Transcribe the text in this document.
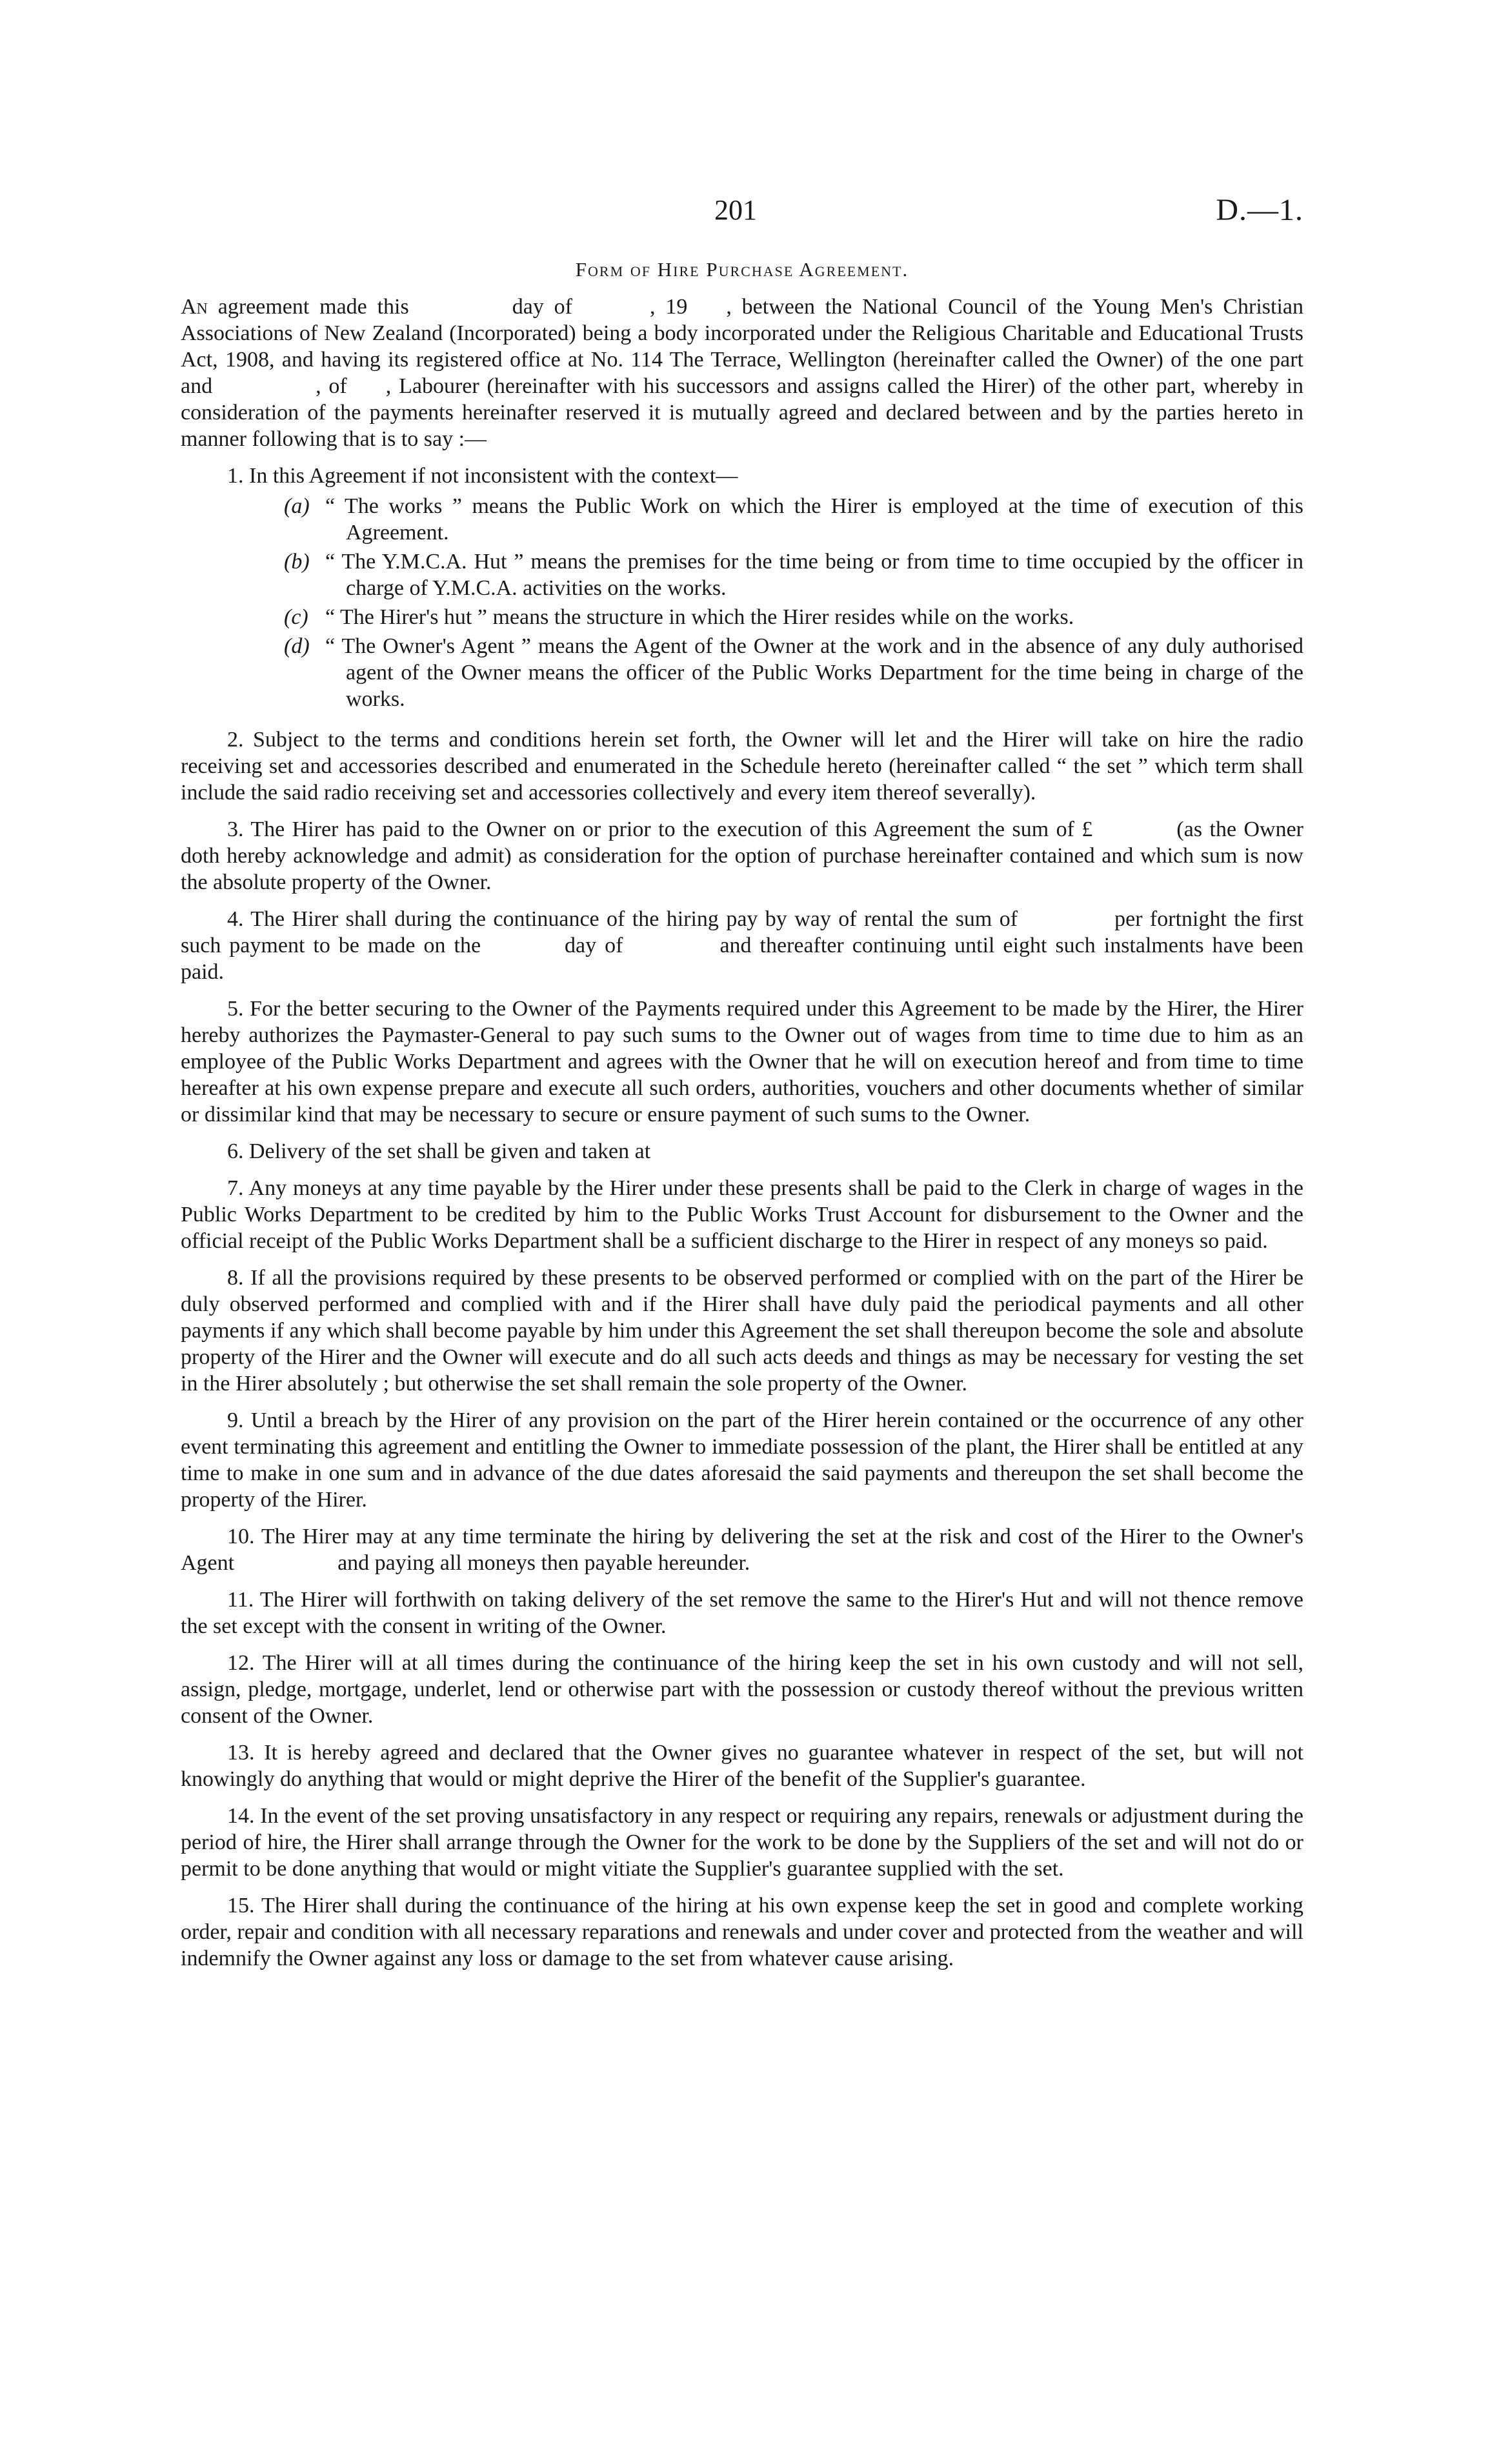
201	D.—1.
Form of Hire Purchase Agreement.

An agreement made this	day of	, 19 , between the National Council of the Young Men's Christian Associations of New Zealand (Incorporated) being a body incorporated under the Religious Charitable and Educational Trusts Act, 1908, and having its registered office at No. 114 The Terrace, Wellington (hereinafter called the Owner) of the one part and	, of , Labourer (hereinafter with his successors and assigns called the Hirer) of the other part, whereby in consideration of the payments hereinafter reserved it is mutually agreed and declared between and by the parties hereto in manner following that is to say :—

1. In this Agreement if not inconsistent with the context—

(a) “ The works ” means the Public Work on which the Hirer is employed at the time of execution of this Agreement.

(b) “ The Y.M.C.A. Hut ” means the premises for the time being or from time to time occupied by the officer in charge of Y.M.C.A. activities on the works.

(c) “ The Hirer's hut ” means the structure in which the Hirer resides while on the works.

(d) “ The Owner's Agent ” means the Agent of the Owner at the work and in the absence of any duly authorised agent of the Owner means the officer of the Public Works Department for the time being in charge of the works.

2. Subject to the terms and conditions herein set forth, the Owner will let and the Hirer will take on hire the radio receiving set and accessories described and enumerated in the Schedule hereto (hereinafter called “ the set ” which term shall include the said radio receiving set and accessories collectively and every item thereof severally).

3. The Hirer has paid to the Owner on or prior to the execution of this Agreement the sum of £	(as the Owner doth hereby acknowledge and admit) as consideration for the option of purchase hereinafter contained and which sum is now the absolute property of the Owner.

4. The Hirer shall during the continuance of the hiring pay by way of rental the sum of	per fortnight the first such payment to be made on the	day of	and thereafter continuing until eight such instalments have been paid.

5. For the better securing to the Owner of the Payments required under this Agreement to be made by the Hirer, the Hirer hereby authorizes the Paymaster-General to pay such sums to the Owner out of wages from time to time due to him as an employee of the Public Works Department and agrees with the Owner that he will on execution hereof and from time to time hereafter at his own expense prepare and execute all such orders, authorities, vouchers and other documents whether of similar or dissimilar kind that may be necessary to secure or ensure payment of such sums to the Owner.

6. Delivery of the set shall be given and taken at

7. Any moneys at any time payable by the Hirer under these presents shall be paid to the Clerk in charge of wages in the Public Works Department to be credited by him to the Public Works Trust Account for disbursement to the Owner and the official receipt of the Public Works Department shall be a sufficient discharge to the Hirer in respect of any moneys so paid.

8. If all the provisions required by these presents to be observed performed or complied with on the part of the Hirer be duly observed performed and complied with and if the Hirer shall have duly paid the periodical payments and all other payments if any which shall become payable by him under this Agreement the set shall thereupon become the sole and absolute property of the Hirer and the Owner will execute and do all such acts deeds and things as may be necessary for vesting the set in the Hirer absolutely ; but otherwise the set shall remain the sole property of the Owner.

9. Until a breach by the Hirer of any provision on the part of the Hirer herein contained or the occurrence of any other event terminating this agreement and entitling the Owner to immediate possession of the plant, the Hirer shall be entitled at any time to make in one sum and in advance of the due dates aforesaid the said payments and thereupon the set shall become the property of the Hirer.

10. The Hirer may at any time terminate the hiring by delivering the set at the risk and cost of the Hirer to the Owner's Agent	and paying all moneys then payable hereunder.

11. The Hirer will forthwith on taking delivery of the set remove the same to the Hirer's Hut and will not thence remove the set except with the consent in writing of the Owner.

12. The Hirer will at all times during the continuance of the hiring keep the set in his own custody and will not sell, assign, pledge, mortgage, underlet, lend or otherwise part with the possession or custody thereof without the previous written consent of the Owner.

13. It is hereby agreed and declared that the Owner gives no guarantee whatever in respect of the set, but will not knowingly do anything that would or might deprive the Hirer of the benefit of the Supplier's guarantee.

14. In the event of the set proving unsatisfactory in any respect or requiring any repairs, renewals or adjustment during the period of hire, the Hirer shall arrange through the Owner for the work to be done by the Suppliers of the set and will not do or permit to be done anything that would or might vitiate the Supplier's guarantee supplied with the set.

15. The Hirer shall during the continuance of the hiring at his own expense keep the set in good and complete working order, repair and condition with all necessary reparations and renewals and under cover and protected from the weather and will indemnify the Owner against any loss or damage to the set from whatever cause arising.
